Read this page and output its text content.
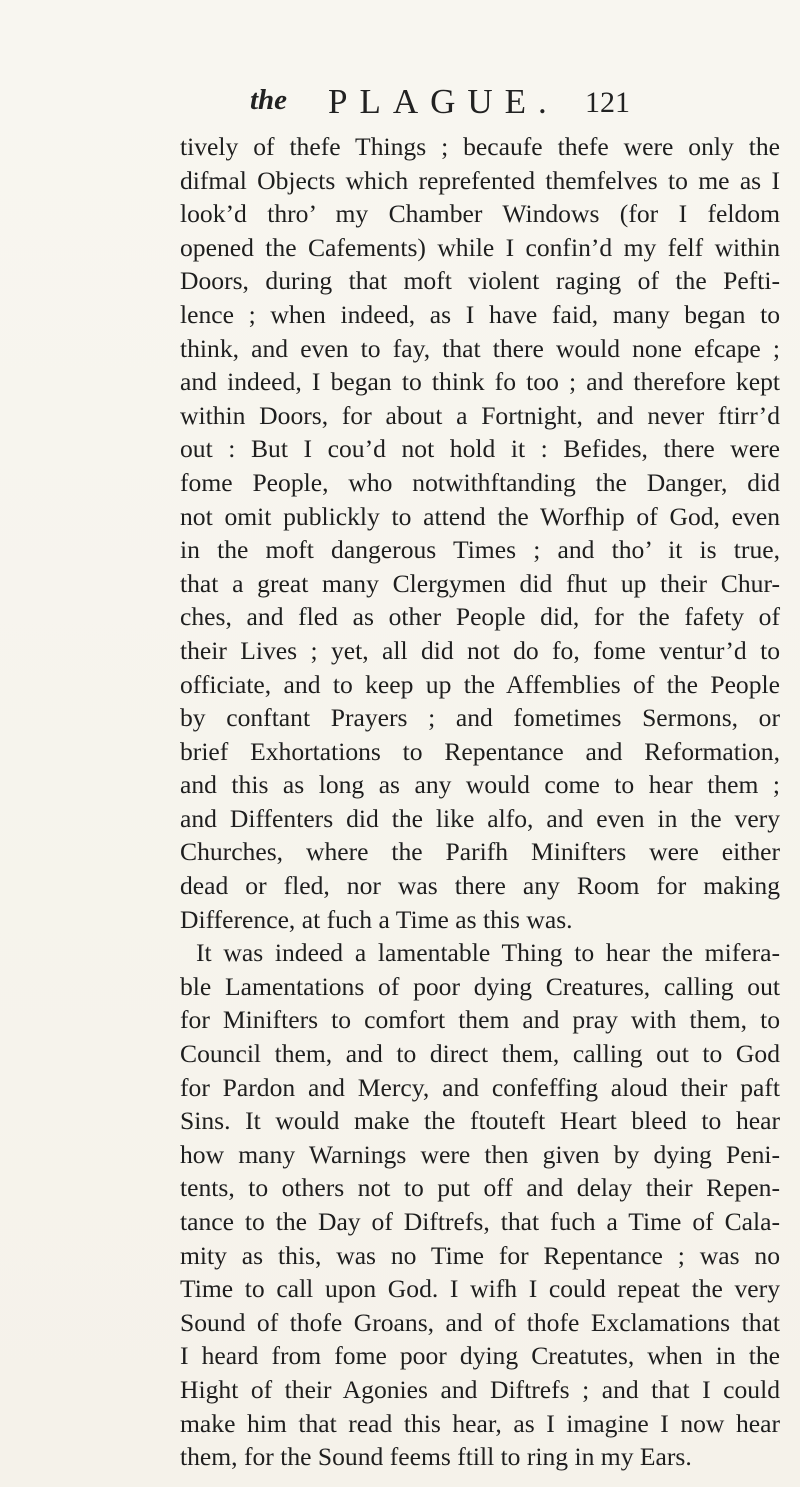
the PLAGUE. 121
tively of thefe Things ; becaufe thefe were only the
difmal Objects which reprefented themfelves to me as I
look’d thro’ my Chamber Windows (for I feldom
opened the Cafements) while I confin’d my felf within
Doors, during that moft violent raging of the Pefti-
lence ; when indeed, as I have faid, many began to
think, and even to fay, that there would none efcape ;
and indeed, I began to think fo too ; and therefore kept
within Doors, for about a Fortnight, and never ftirr’d
out : But I cou’d not hold it : Befides, there were
fome People, who notwithftanding the Danger, did
not omit publickly to attend the Worfhip of God, even
in the moft dangerous Times ; and tho’ it is true,
that a great many Clergymen did fhut up their Chur-
ches, and fled as other People did, for the fafety of
their Lives ; yet, all did not do fo, fome ventur’d to
officiate, and to keep up the Affemblies of the People
by conftant Prayers ; and fometimes Sermons, or
brief Exhortations to Repentance and Reformation,
and this as long as any would come to hear them ;
and Diffenters did the like alfo, and even in the very
Churches, where the Parifh Minifters were either
dead or fled, nor was there any Room for making
Difference, at fuch a Time as this was.
It was indeed a lamentable Thing to hear the mifera-
ble Lamentations of poor dying Creatures, calling out
for Minifters to comfort them and pray with them, to
Council them, and to direct them, calling out to God
for Pardon and Mercy, and confeffing aloud their paft
Sins. It would make the ftouteft Heart bleed to hear
how many Warnings were then given by dying Peni-
tents, to others not to put off and delay their Repen-
tance to the Day of Diftrefs, that fuch a Time of Cala-
mity as this, was no Time for Repentance ; was no
Time to call upon God. I wifh I could repeat the very
Sound of thofe Groans, and of thofe Exclamations that
I heard from fome poor dying Creatutes, when in the
Hight of their Agonies and Diftrefs ; and that I could
make him that read this hear, as I imagine I now hear
them, for the Sound feems ftill to ring in my Ears.
